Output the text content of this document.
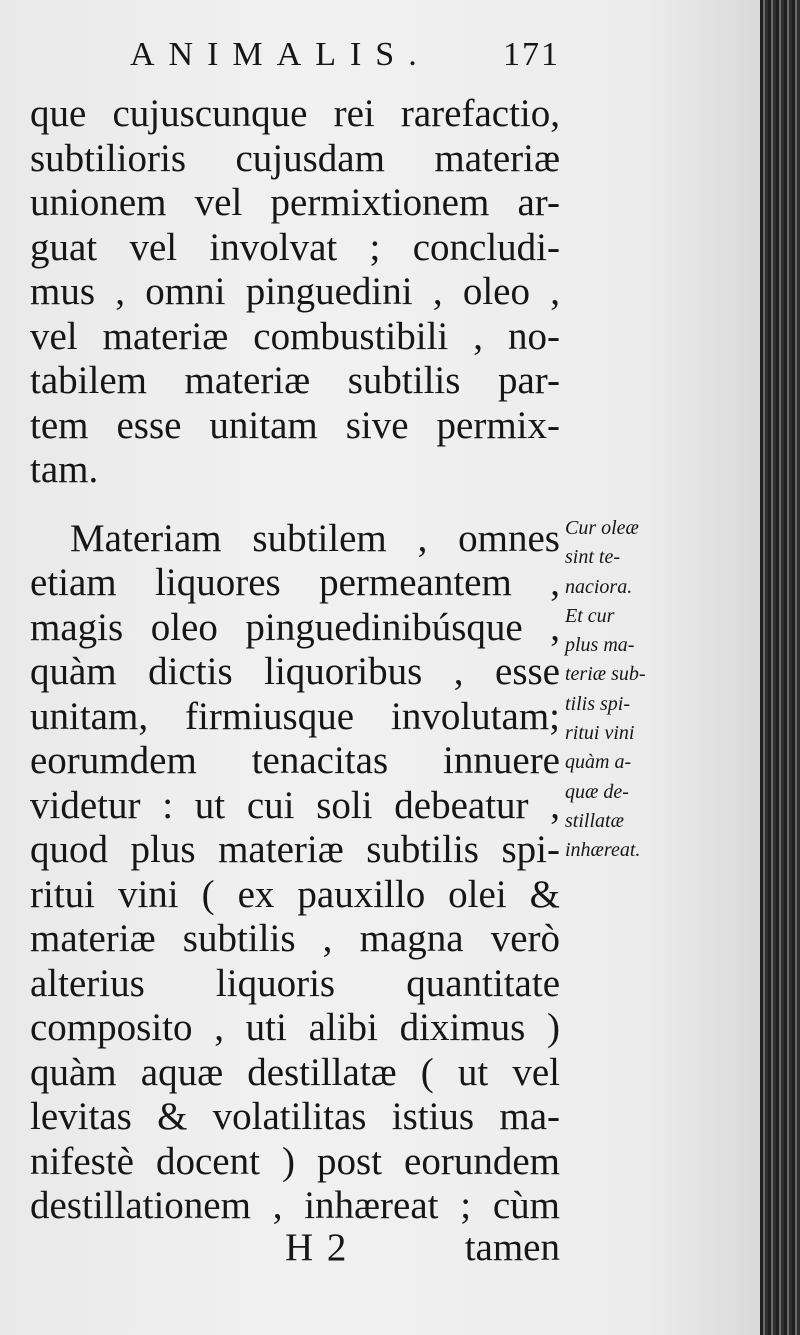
ANIMALIS. 171
que cujuscunque rei rarefactio,
subtilioris cujusdam materiæ
unionem vel permixtionem ar-
guat vel involvat ; concludi-
mus , omni pinguedini , oleo ,
vel materiæ combustibili , no-
tabilem materiæ subtilis par-
tem esse unitam sive permix-
tam.
Materiam subtilem , omnes
etiam liquores permeantem ,
magis oleo pinguedinibúsque ,
quàm dictis liquoribus , esse
unitam, firmiusque involutam;
eorumdem tenacitas innuere
videtur : ut cui soli debeatur ,
quod plus materiæ subtilis spi-
ritui vini ( ex pauxillo olei &
materiæ subtilis , magna verò
alterius liquoris quantitate
composito , uti alibi diximus )
quàm aquæ destillatæ ( ut vel
levitas & volatilitas istius ma-
nifestè docent ) post eorundem
destillationem , inhæreat ; cùm
Cur oleæ
sint te-
naciora.
Et cur
plus ma-
teriæ sub-
tilis spi-
ritui vini
quàm a-
quæ de-
stillatæ
inhæreat.
H 2	tamen
